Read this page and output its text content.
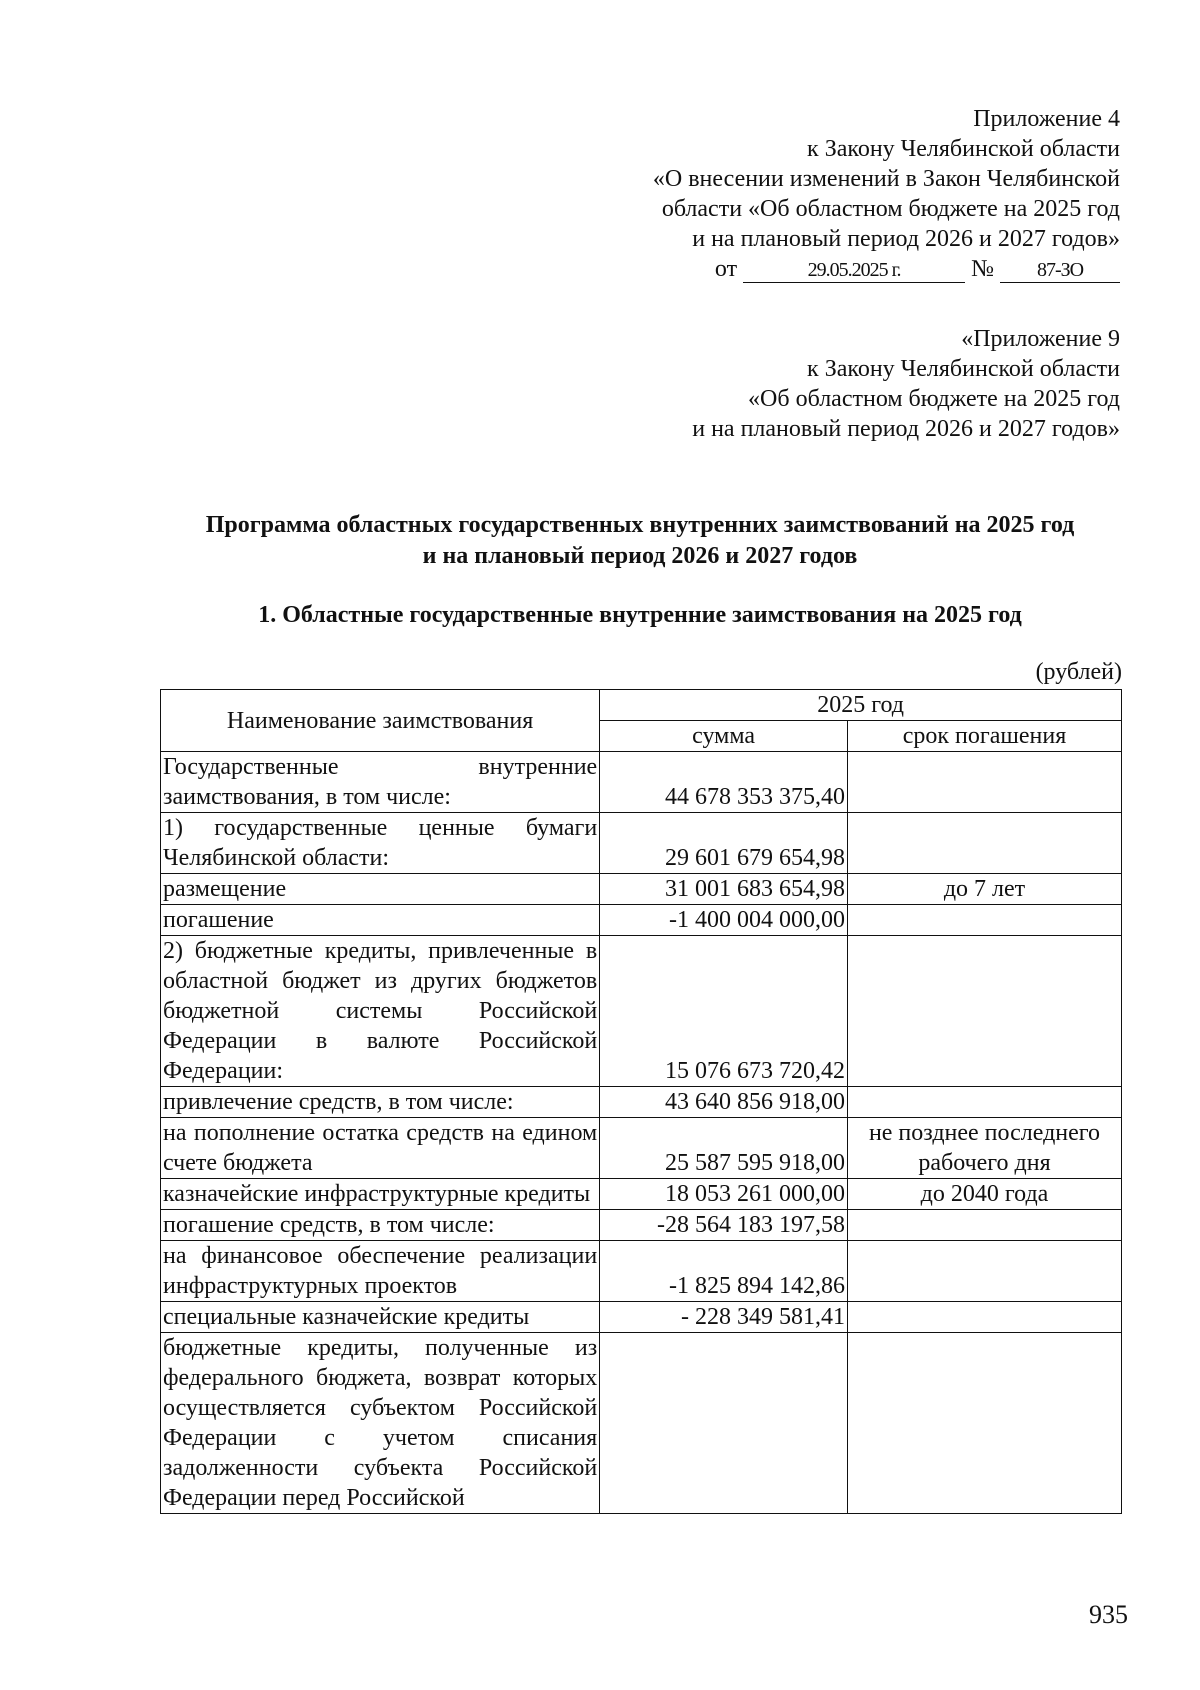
Приложение 4
к Закону Челябинской области
«О внесении изменений в Закон Челябинской
области «Об областном бюджете на 2025 год
и на плановый период 2026 и 2027 годов»
от	29.05.2025 г.	№ 87-ЗО
«Приложение 9
к Закону Челябинской области
«Об областном бюджете на 2025 год
и на плановый период 2026 и 2027 годов»
Программа областных государственных внутренних заимствований на 2025 год
и на плановый период 2026 и 2027 годов
1. Областные государственные внутренние заимствования на 2025 год
(рублей)
Наименование заимствования	2025 год	
	сумма	срок погашения
Государственные внутренние заимствования, в том числе:	44 678 353 375,40	
1) государственные ценные бумаги Челябинской области:	29 601 679 654,98	
размещение	31 001 683 654,98	до 7 лет
погашение	-1 400 004 000,00	
2) бюджетные кредиты, привлеченные в областной бюджет из других бюджетов бюджетной системы Российской Федерации в валюте Российской Федерации:	15 076 673 720,42	
привлечение средств, в том числе:	43 640 856 918,00	
на пополнение остатка средств на едином счете бюджета	25 587 595 918,00	не позднее последнего рабочего дня
казначейские инфраструктурные кредиты	18 053 261 000,00	до 2040 года
погашение средств, в том числе:	-28 564 183 197,58	
на финансовое обеспечение реализации инфраструктурных проектов	-1 825 894 142,86	
специальные казначейские кредиты	- 228 349 581,41	
бюджетные кредиты, полученные из федерального бюджета, возврат которых осуществляется субъектом Российской Федерации с учетом списания задолженности субъекта Российской Федерации перед Российской		
935
